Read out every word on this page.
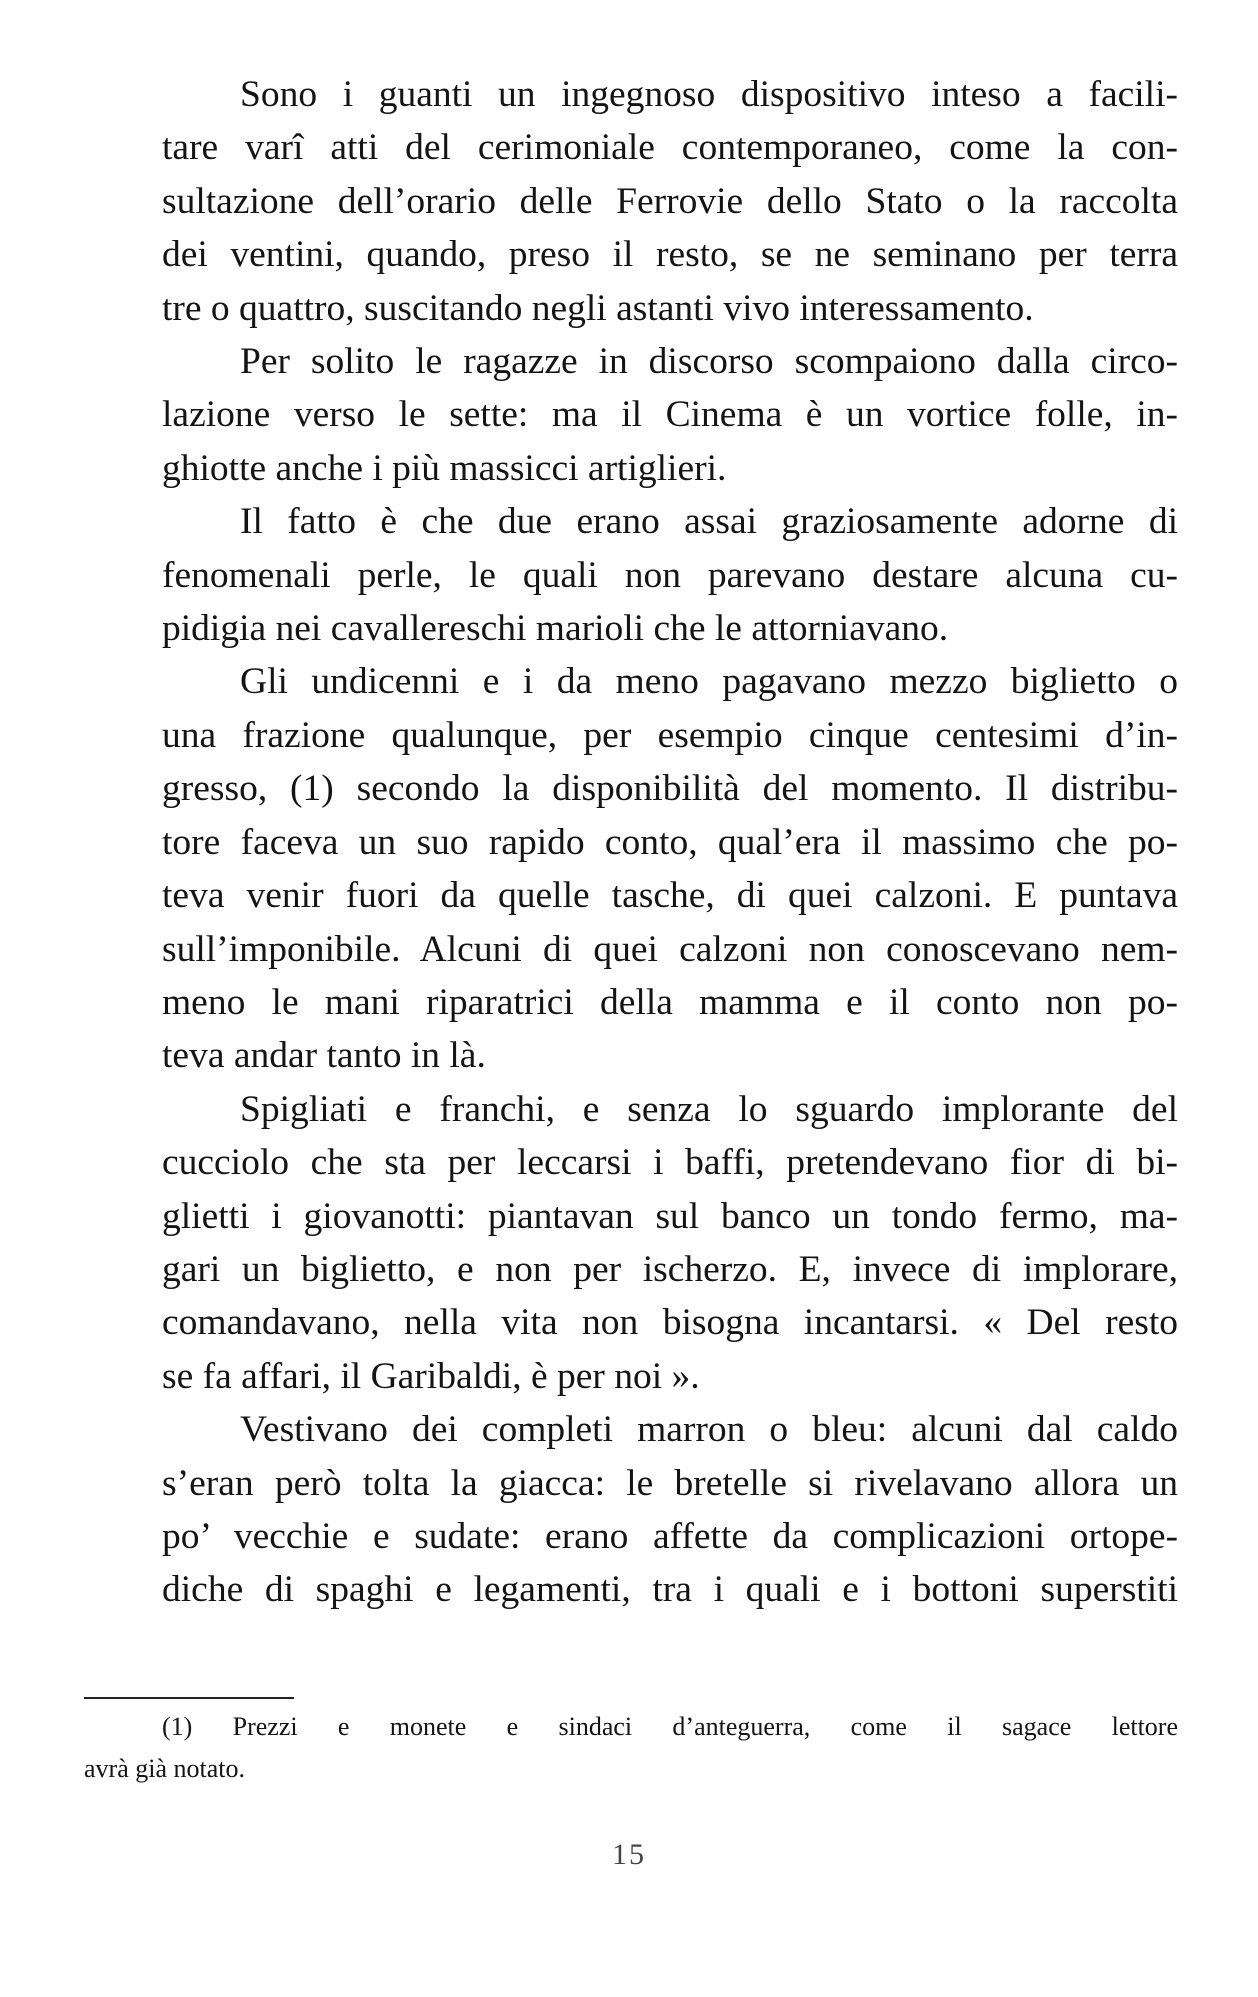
Sono i guanti un ingegnoso dispositivo inteso a facili-
tare varî atti del cerimoniale contemporaneo, come la con-
sultazione dell’orario delle Ferrovie dello Stato o la raccolta
dei ventini, quando, preso il resto, se ne seminano per terra
tre o quattro, suscitando negli astanti vivo interessamento.

Per solito le ragazze in discorso scompaiono dalla circo-
lazione verso le sette: ma il Cinema è un vortice folle, in-
ghiotte anche i più massicci artiglieri.

Il fatto è che due erano assai graziosamente adorne di
fenomenali perle, le quali non parevano destare alcuna cu-
pidigia nei cavallereschi marioli che le attorniavano.

Gli undicenni e i da meno pagavano mezzo biglietto o
una frazione qualunque, per esempio cinque centesimi d’in-
gresso, (1) secondo la disponibilità del momento. Il distribu-
tore faceva un suo rapido conto, qual’era il massimo che po-
teva venir fuori da quelle tasche, di quei calzoni. E puntava
sull’imponibile. Alcuni di quei calzoni non conoscevano nem-
meno le mani riparatrici della mamma e il conto non po-
teva andar tanto in là.

Spigliati e franchi, e senza lo sguardo implorante del
cucciolo che sta per leccarsi i baffi, pretendevano fior di bi-
glietti i giovanotti: piantavan sul banco un tondo fermo, ma-
gari un biglietto, e non per ischerzo. E, invece di implorare,
comandavano, nella vita non bisogna incantarsi. « Del resto
se fa affari, il Garibaldi, è per noi ».

Vestivano dei completi marron o bleu: alcuni dal caldo
s’eran però tolta la giacca: le bretelle si rivelavano allora un
po’ vecchie e sudate: erano affette da complicazioni ortope-
diche di spaghi e legamenti, tra i quali e i bottoni superstiti

(1) Prezzi e monete e sindaci d’anteguerra, come il sagace lettore
avrà già notato.

15
